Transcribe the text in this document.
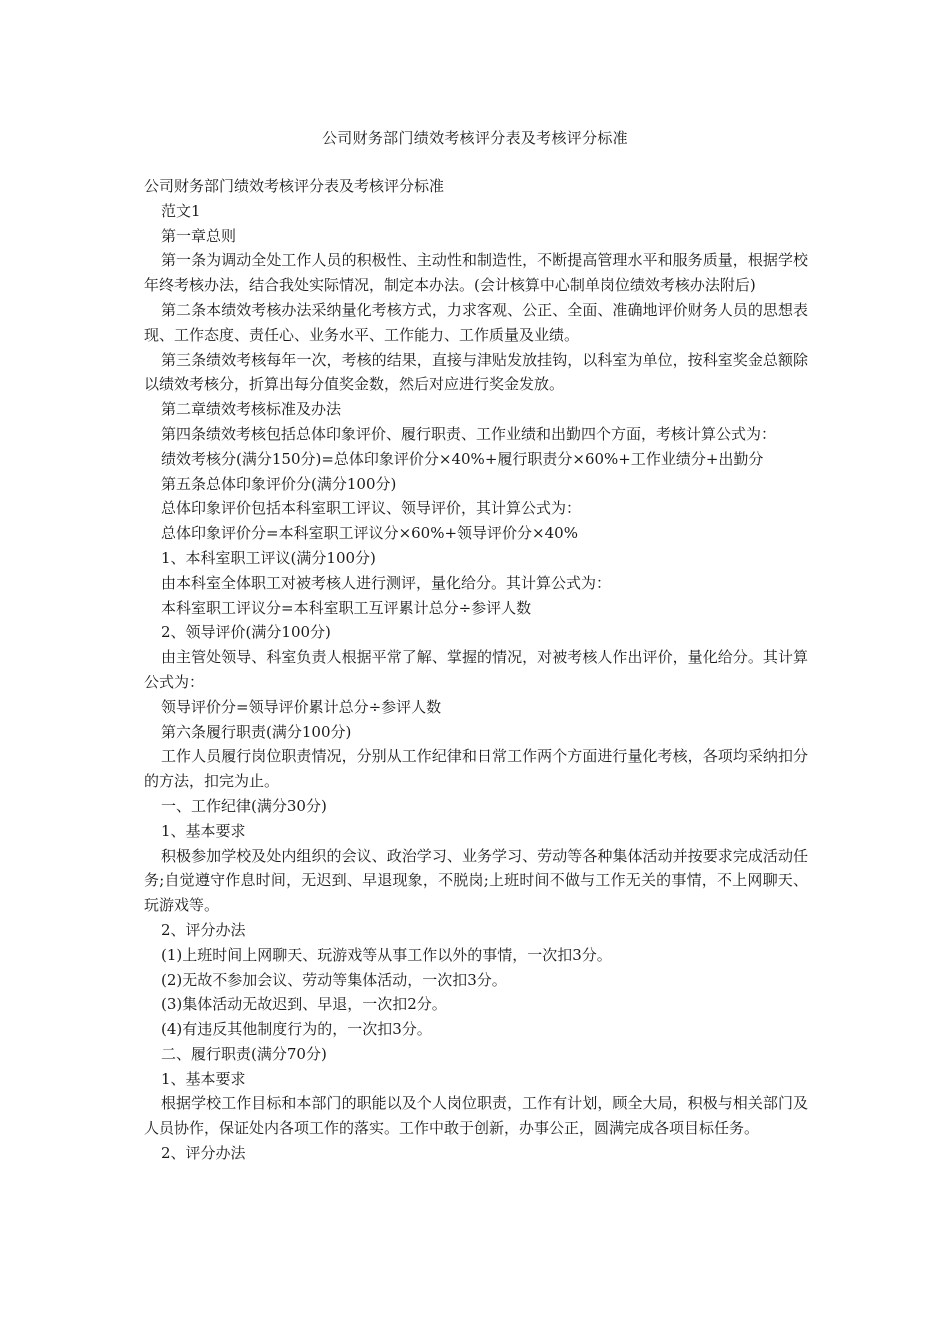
公司财务部门绩效考核评分表及考核评分标准

公司财务部门绩效考核评分表及考核评分标准

范文1

第一章总则

第一条为调动全处工作人员的积极性、主动性和制造性，不断提高管理水平和服务质量，根据学校年终考核办法，结合我处实际情况，制定本办法。(会计核算中心制单岗位绩效考核办法附后)

第二条本绩效考核办法采纳量化考核方式，力求客观、公正、全面、准确地评价财务人员的思想表现、工作态度、责任心、业务水平、工作能力、工作质量及业绩。

第三条绩效考核每年一次，考核的结果，直接与津贴发放挂钩，以科室为单位，按科室奖金总额除以绩效考核分，折算出每分值奖金数，然后对应进行奖金发放。

第二章绩效考核标准及办法

第四条绩效考核包括总体印象评价、履行职责、工作业绩和出勤四个方面，考核计算公式为：

绩效考核分(满分150分)=总体印象评价分×40%+履行职责分×60%+工作业绩分+出勤分

第五条总体印象评价分(满分100分)

总体印象评价包括本科室职工评议、领导评价，其计算公式为：

总体印象评价分=本科室职工评议分×60%+领导评价分×40%

1、本科室职工评议(满分100分)

由本科室全体职工对被考核人进行测评，量化给分。其计算公式为：

本科室职工评议分=本科室职工互评累计总分÷参评人数

2、领导评价(满分100分)

由主管处领导、科室负责人根据平常了解、掌握的情况，对被考核人作出评价，量化给分。其计算公式为：

领导评价分=领导评价累计总分÷参评人数

第六条履行职责(满分100分)

工作人员履行岗位职责情况，分别从工作纪律和日常工作两个方面进行量化考核，各项均采纳扣分的方法，扣完为止。

一、工作纪律(满分30分)

1、基本要求

积极参加学校及处内组织的会议、政治学习、业务学习、劳动等各种集体活动并按要求完成活动任务;自觉遵守作息时间，无迟到、早退现象，不脱岗;上班时间不做与工作无关的事情，不上网聊天、玩游戏等。

2、评分办法

(1)上班时间上网聊天、玩游戏等从事工作以外的事情，一次扣3分。

(2)无故不参加会议、劳动等集体活动，一次扣3分。

(3)集体活动无故迟到、早退，一次扣2分。

(4)有违反其他制度行为的，一次扣3分。

二、履行职责(满分70分)

1、基本要求

根据学校工作目标和本部门的职能以及个人岗位职责，工作有计划，顾全大局，积极与相关部门及人员协作，保证处内各项工作的落实。工作中敢于创新，办事公正，圆满完成各项目标任务。

2、评分办法
